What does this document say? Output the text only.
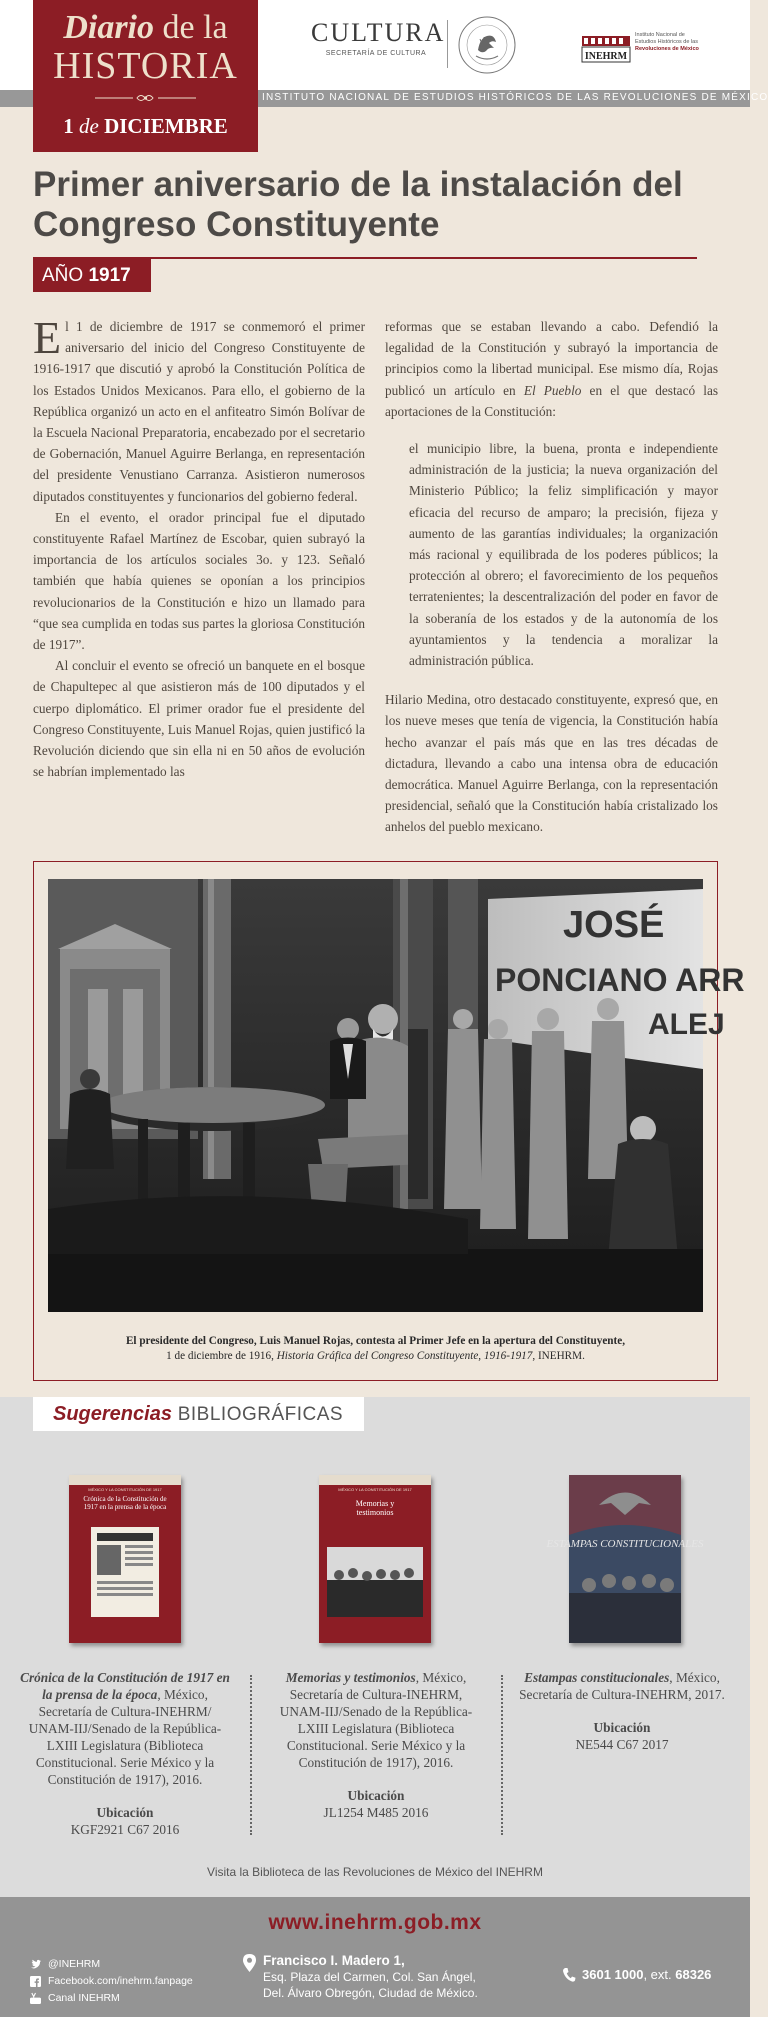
CULTURA
SECRETARÍA DE CULTURA	INEHRM
Instituto Nacional de
Estudios Históricos de las
Revoluciones de México
INSTITUTO NACIONAL DE ESTUDIOS HISTÓRICOS DE LAS REVOLUCIONES DE MÉXICO
Diario de la
HISTORIA
1 de DICIEMBRE
Primer aniversario de la instalación del Congreso Constituyente
AÑO 1917

El 1 de diciembre de 1917 se conmemoró el primer aniversario del inicio del Congreso Constituyente de 1916-1917 que discutió y aprobó la Constitución Política de los Estados Unidos Mexicanos. Para ello, el gobierno de la República organizó un acto en el anfiteatro Simón Bolívar de la Escuela Nacional Preparatoria, encabezado por el secretario de Gobernación, Manuel Aguirre Berlanga, en representación del presidente Venustiano Carranza. Asistieron numerosos diputados constituyentes y funcionarios del gobierno federal.

En el evento, el orador principal fue el diputado constituyente Rafael Martínez de Escobar, quien subrayó la importancia de los artículos sociales 3o. y 123. Señaló también que había quienes se oponían a los principios revolucionarios de la Constitución e hizo un llamado para “que sea cumplida en todas sus partes la gloriosa Constitución de 1917”.

Al concluir el evento se ofreció un banquete en el bosque de Chapultepec al que asistieron más de 100 diputados y el cuerpo diplomático. El primer orador fue el presidente del Congreso Constituyente, Luis Manuel Rojas, quien justificó la Revolución diciendo que sin ella ni en 50 años de evolución se habrían implementado las

reformas que se estaban llevando a cabo. Defendió la legalidad de la Constitución y subrayó la importancia de principios como la libertad municipal. Ese mismo día, Rojas publicó un artículo en El Pueblo en el que destacó las aportaciones de la Constitución:

el municipio libre, la buena, pronta e independiente administración de la justicia; la nueva organización del Ministerio Público; la feliz simplificación y mayor eficacia del recurso de amparo; la precisión, fijeza y aumento de las garantías individuales; la organización más racional y equilibrada de los poderes públicos; la protección al obrero; el favorecimiento de los pequeños terratenientes; la descentralización del poder en favor de la soberanía de los estados y de la autonomía de los ayuntamientos y la tendencia a moralizar la administración pública.

Hilario Medina, otro destacado constituyente, expresó que, en los nueve meses que tenía de vigencia, la Constitución había hecho avanzar el país más que en las tres décadas de dictadura, llevando a cabo una intensa obra de educación democrática. Manuel Aguirre Berlanga, con la representación presidencial, señaló que la Constitución había cristalizado los anhelos del pueblo mexicano.

JOSÉ
PONCIANO ARR
ALEJ
El presidente del Congreso, Luis Manuel Rojas, contesta al Primer Jefe en la apertura del Constituyente,
1 de diciembre de 1916, Historia Gráfica del Congreso Constituyente, 1916-1917, INEHRM.
Sugerencias BIBLIOGRÁFICAS
MÉXICO Y LA CONSTITUCIÓN DE 1917
Crónica de la Constitución de 1917 en la prensa de la época
MÉXICO Y LA CONSTITUCIÓN DE 1917
Memorias y testimonios
ESTAMPAS CONSTITUCIONALES
Crónica de la Constitución de 1917 en la prensa de la época, México, Secretaría de Cultura-INEHRM/ UNAM-IIJ/Senado de la República-LXIII Legislatura (Biblioteca Constitucional. Serie México y la Constitución de 1917), 2016.
Ubicación
KGF2921 C67 2016
Memorias y testimonios, México, Secretaría de Cultura-INEHRM, UNAM-IIJ/Senado de la República-LXIII Legislatura (Biblioteca Constitucional. Serie México y la Constitución de 1917), 2016.
Ubicación
JL1254 M485 2016
Estampas constitucionales, México, Secretaría de Cultura-INEHRM, 2017.
Ubicación
NE544 C67 2017
Visita la Biblioteca de las Revoluciones de México del INEHRM
www.inehrm.gob.mx
@INEHRM
Facebook.com/inehrm.fanpage
Canal INEHRM
Francisco I. Madero 1,
Esq. Plaza del Carmen, Col. San Ángel,
Del. Álvaro Obregón, Ciudad de México.
3601 1000, ext. 68326
